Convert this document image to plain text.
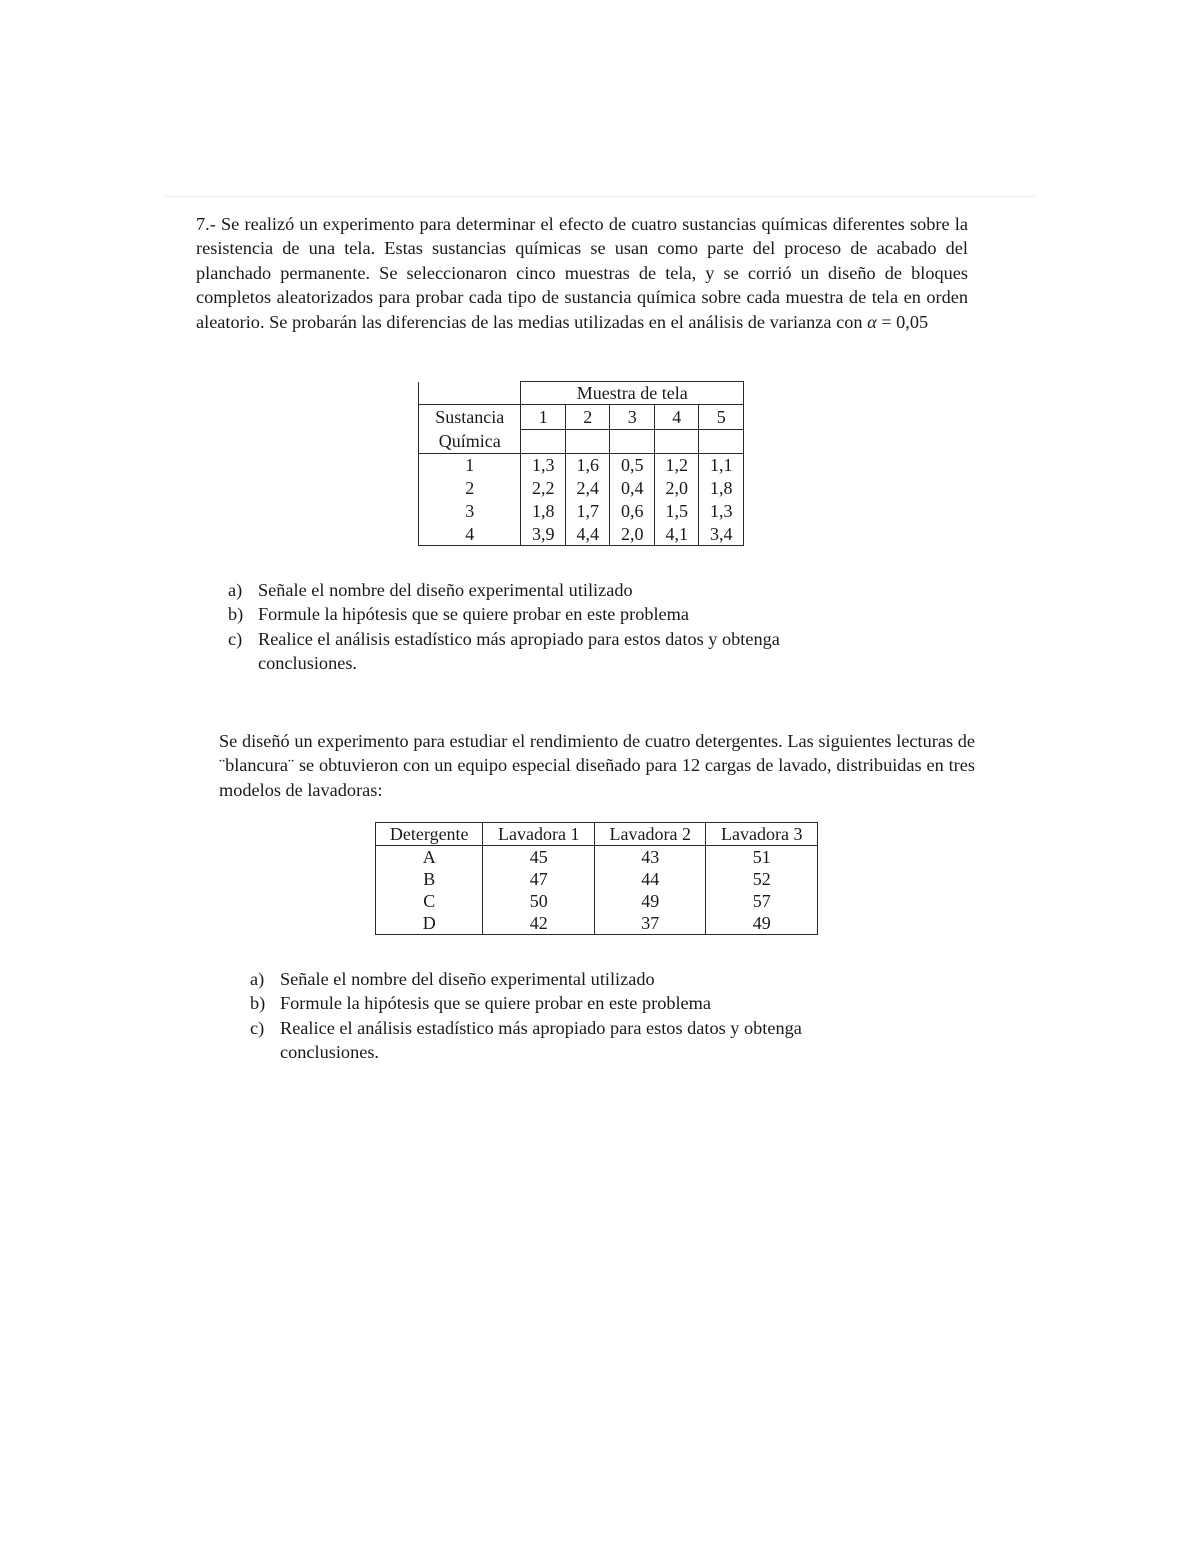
7.- Se realizó un experimento para determinar el efecto de cuatro sustancias químicas diferentes sobre la resistencia de una tela. Estas sustancias químicas se usan como parte del proceso de acabado del planchado permanente. Se seleccionaron cinco muestras de tela, y se corrió un diseño de bloques completos aleatorizados para probar cada tipo de sustancia química sobre cada muestra de tela en orden aleatorio. Se probarán las diferencias de las medias utilizadas en el análisis de varianza con α = 0,05
	Muestra de tela				
Sustancia
Química	1	2	3	4	5

1	1,3	1,6	0,5	1,2	1,1
2	2,2	2,4	0,4	2,0	1,8
3	1,8	1,7	0,6	1,5	1,3
4	3,9	4,4	2,0	4,1	3,4
a) Señale el nombre del diseño experimental utilizado
b) Formule la hipótesis que se quiere probar en este problema
c) Realice el análisis estadístico más apropiado para estos datos y obtenga conclusiones.
Se diseñó un experimento para estudiar el rendimiento de cuatro detergentes. Las siguientes lecturas de ¨blancura¨ se obtuvieron con un equipo especial diseñado para 12 cargas de lavado, distribuidas en tres modelos de lavadoras:
Detergente	Lavadora 1	Lavadora 2	Lavadora 3
A	45	43	51
B	47	44	52
C	50	49	57
D	42	37	49
a) Señale el nombre del diseño experimental utilizado
b) Formule la hipótesis que se quiere probar en este problema
c) Realice el análisis estadístico más apropiado para estos datos y obtenga conclusiones.
